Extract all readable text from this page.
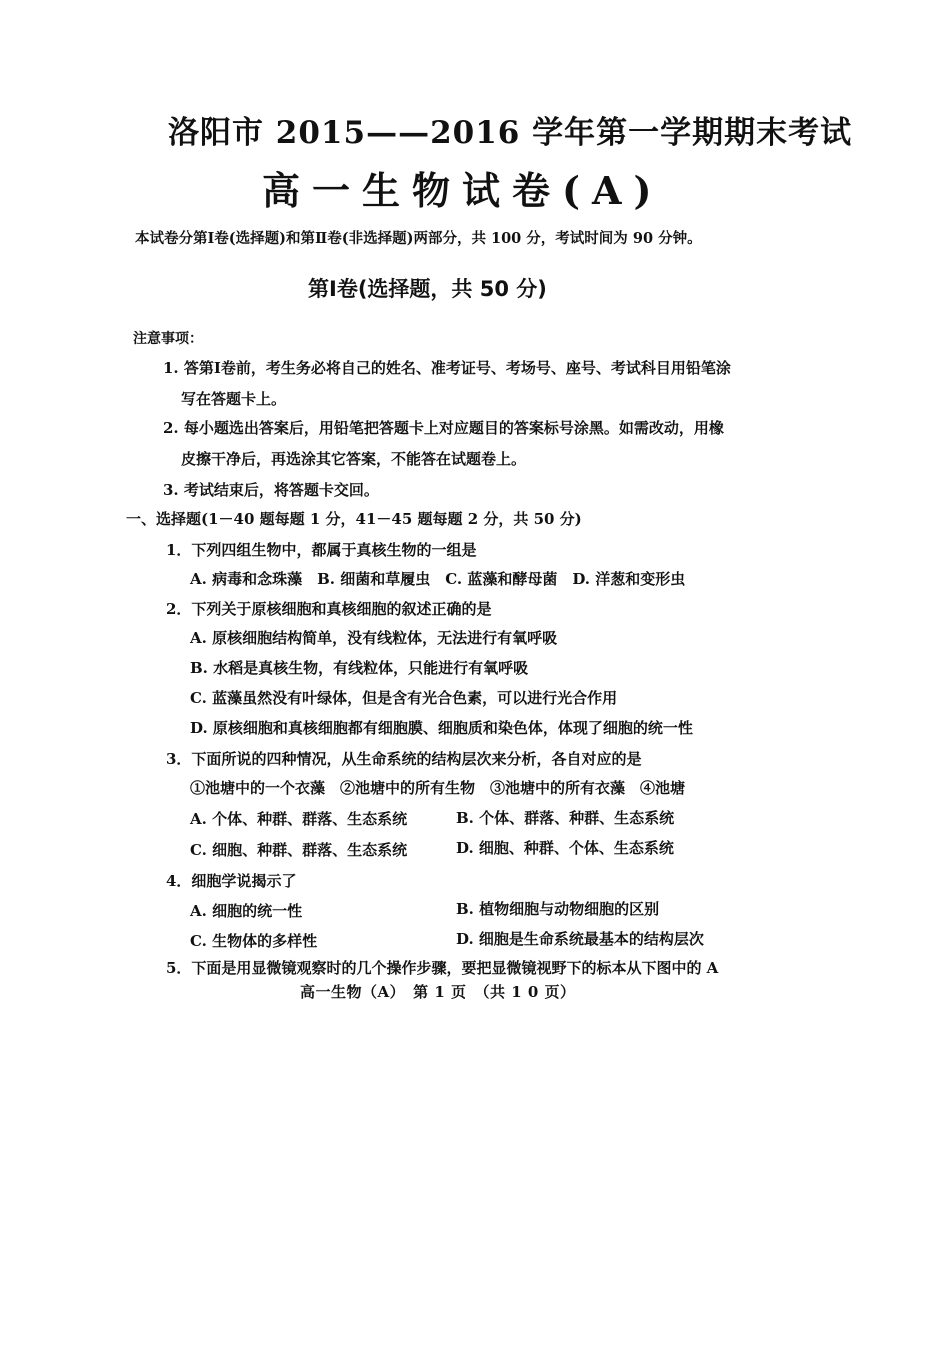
洛阳市 2015——2016 学年第一学期期末考试
高一生物试卷(A)
本试卷分第Ⅰ卷(选择题)和第Ⅱ卷(非选择题)两部分，共 100 分，考试时间为 90 分钟。
第Ⅰ卷(选择题，共 50 分)
注意事项：
1. 答第Ⅰ卷前，考生务必将自己的姓名、准考证号、考场号、座号、考试科目用铅笔涂
写在答题卡上。
2. 每小题选出答案后，用铅笔把答题卡上对应题目的答案标号涂黑。如需改动，用橡
皮擦干净后，再选涂其它答案，不能答在试题卷上。
3. 考试结束后，将答题卡交回。
一、选择题(1－40 题每题 1 分，41－45 题每题 2 分，共 50 分)
1．下列四组生物中，都属于真核生物的一组是
A. 病毒和念珠藻　B. 细菌和草履虫　C. 蓝藻和酵母菌　D. 洋葱和变形虫
2．下列关于原核细胞和真核细胞的叙述正确的是
A. 原核细胞结构简单，没有线粒体，无法进行有氧呼吸
B. 水稻是真核生物，有线粒体，只能进行有氧呼吸
C. 蓝藻虽然没有叶绿体，但是含有光合色素，可以进行光合作用
D. 原核细胞和真核细胞都有细胞膜、细胞质和染色体，体现了细胞的统一性
3．下面所说的四种情况，从生命系统的结构层次来分析，各自对应的是
①池塘中的一个衣藻　②池塘中的所有生物　③池塘中的所有衣藻　④池塘
A. 个体、种群、群落、生态系统	B. 个体、群落、种群、生态系统
C. 细胞、种群、群落、生态系统	D. 细胞、种群、个体、生态系统
4．细胞学说揭示了
A. 细胞的统一性	B. 植物细胞与动物细胞的区别
C. 生物体的多样性	D. 细胞是生命系统最基本的结构层次
5．下面是用显微镜观察时的几个操作步骤，要把显微镜视野下的标本从下图中的 A
高一生物（A）　第 1 页　（共 1 0 页）
